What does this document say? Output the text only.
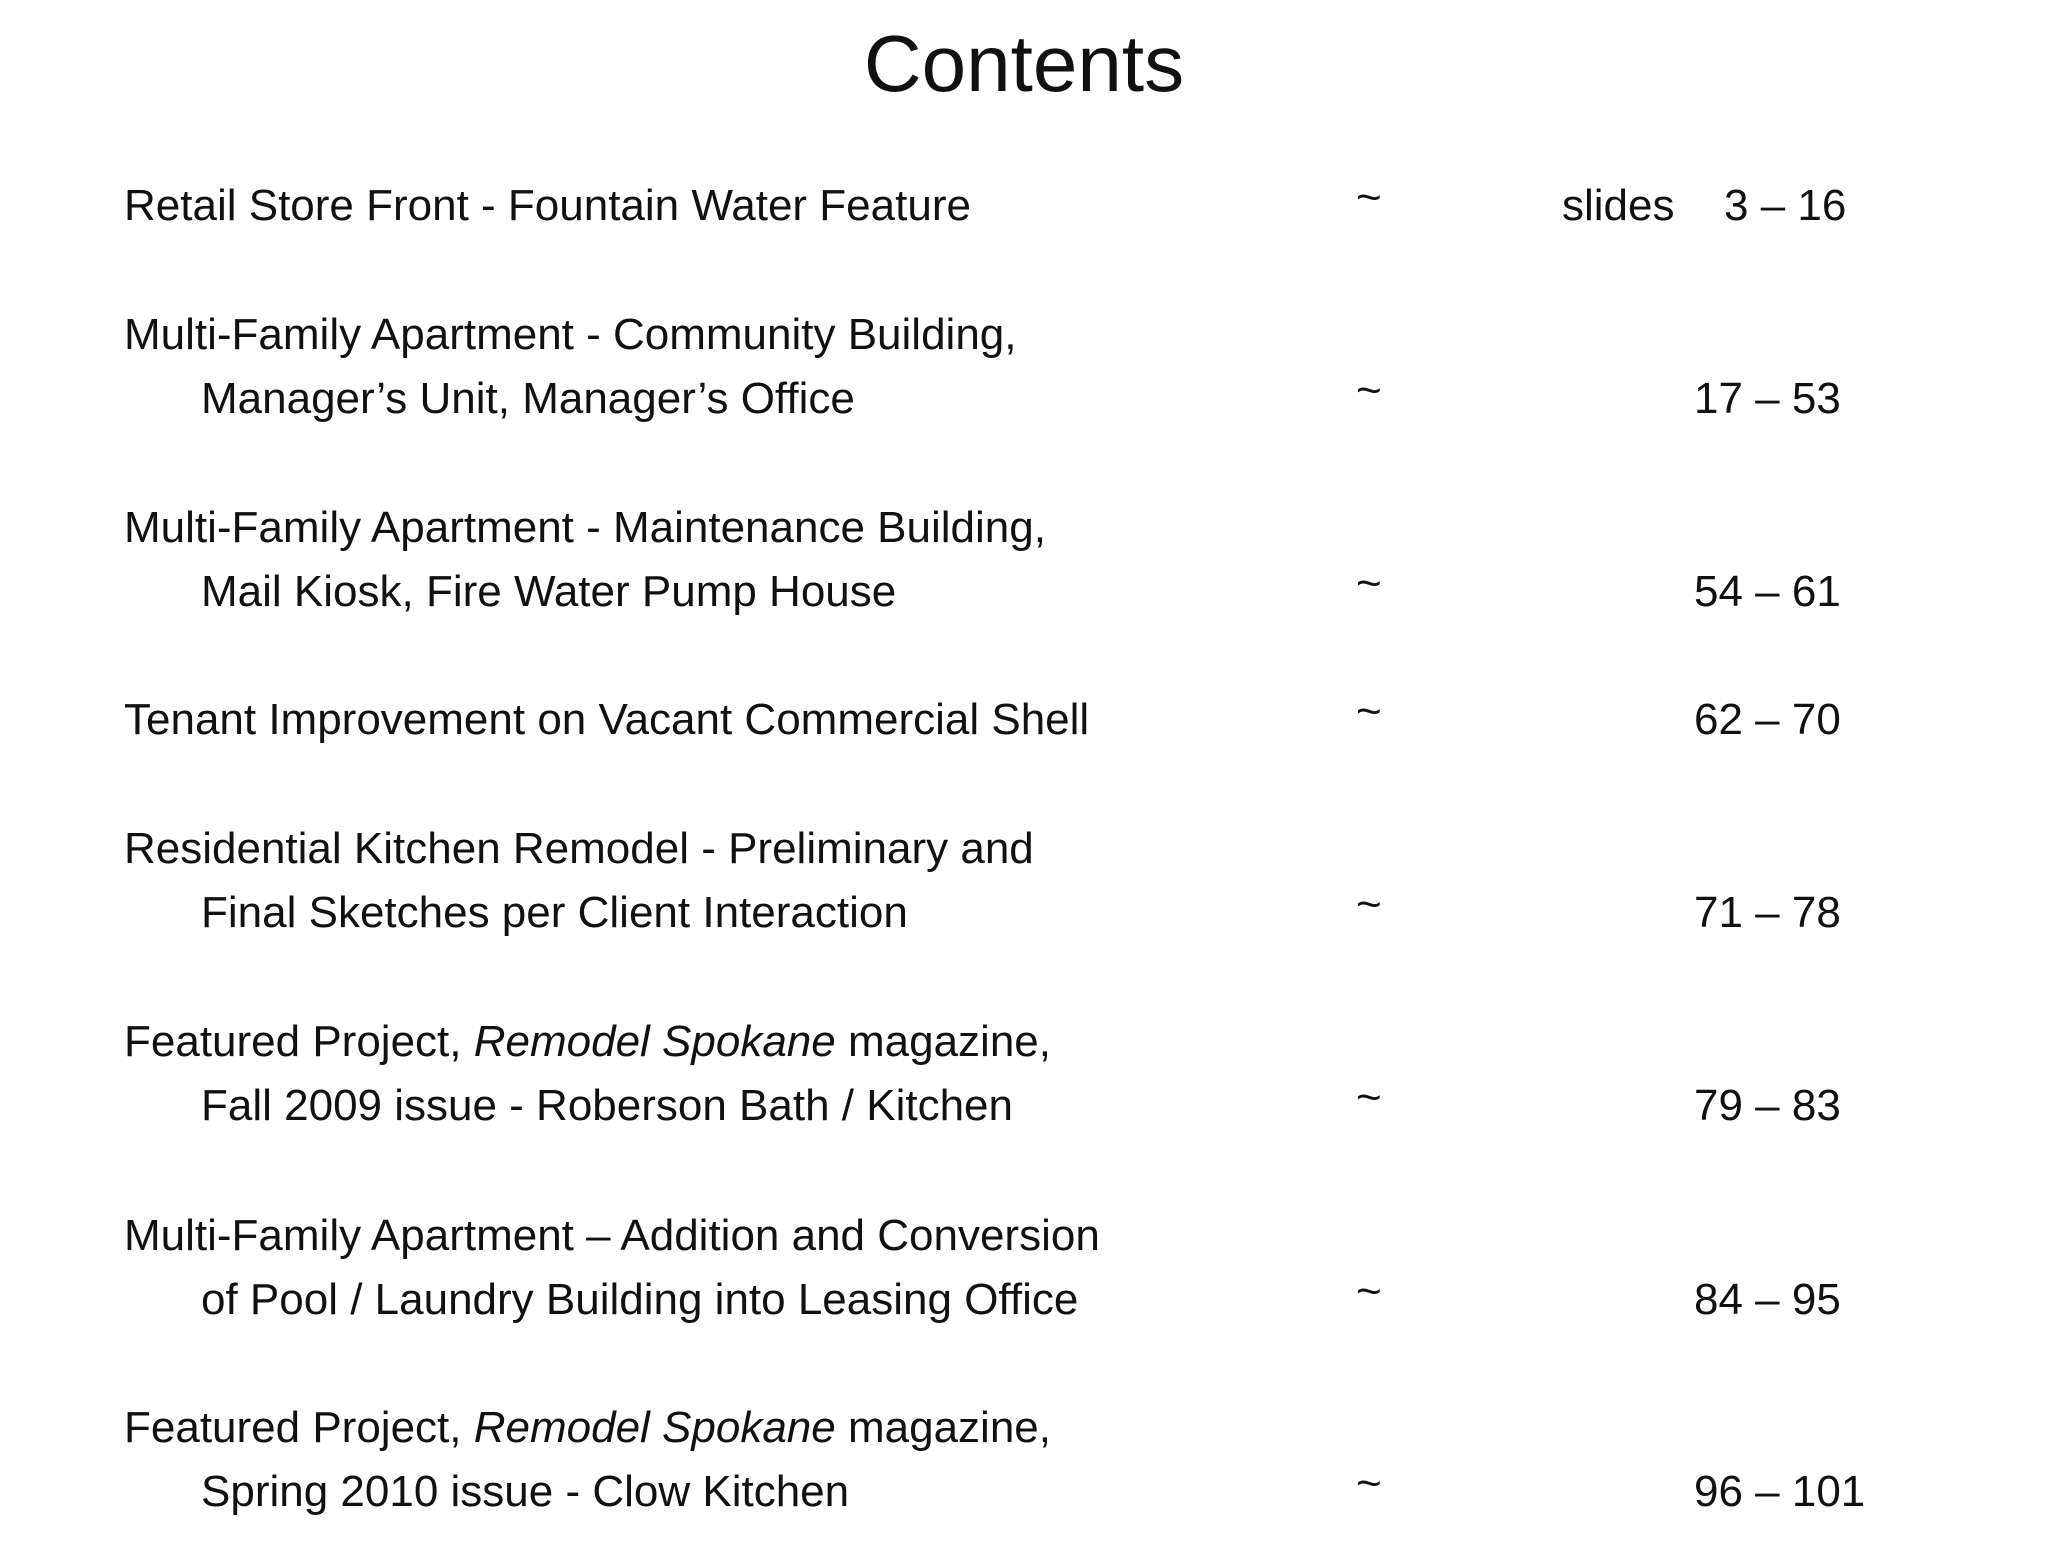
Contents
Retail Store Front - Fountain Water Feature	~	slides 3 – 16
Multi-Family Apartment - Community Building,
Manager’s Unit, Manager’s Office	~	17 – 53
Multi-Family Apartment - Maintenance Building,
Mail Kiosk, Fire Water Pump House	~	54 – 61
Tenant Improvement on Vacant Commercial Shell	~	62 – 70
Residential Kitchen Remodel - Preliminary and
Final Sketches per Client Interaction	~	71 – 78
Featured Project, Remodel Spokane magazine,
Fall 2009 issue - Roberson Bath / Kitchen	~	79 – 83
Multi-Family Apartment – Addition and Conversion
of Pool / Laundry Building into Leasing Office	~	84 – 95
Featured Project, Remodel Spokane magazine,
Spring 2010 issue - Clow Kitchen	~	96 – 101
